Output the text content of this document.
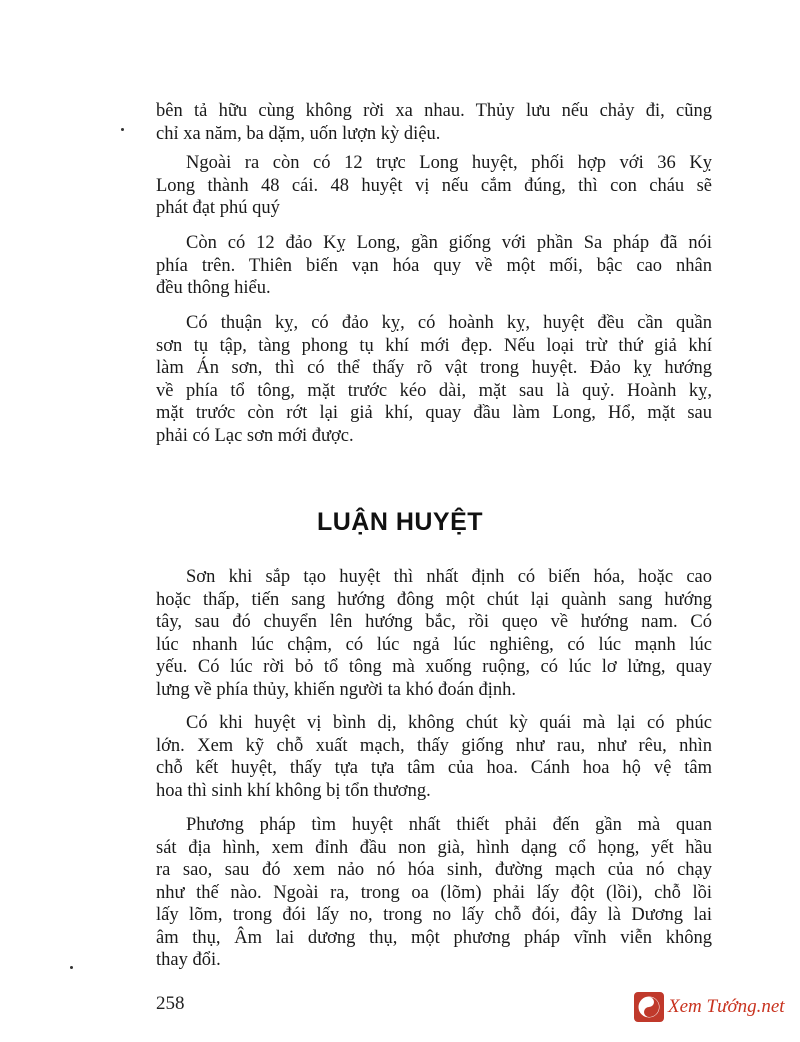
bên tả hữu cùng không rời xa nhau. Thủy lưu nếu chảy đi, cũng
chỉ xa năm, ba dặm, uốn lượn kỳ diệu.
Ngoài ra còn có 12 trực Long huyệt, phối hợp với 36 Kỵ
Long thành 48 cái. 48 huyệt vị nếu cắm đúng, thì con cháu sẽ
phát đạt phú quý
Còn có 12 đảo Kỵ Long, gần giống với phần Sa pháp đã nói
phía trên. Thiên biến vạn hóa quy về một mối, bậc cao nhân
đều thông hiểu.
Có thuận kỵ, có đảo kỵ, có hoành kỵ, huyệt đều cần quần
sơn tụ tập, tàng phong tụ khí mới đẹp. Nếu loại trừ thứ giả khí
làm Án sơn, thì có thể thấy rõ vật trong huyệt. Đảo kỵ hướng
về phía tổ tông, mặt trước kéo dài, mặt sau là quỷ. Hoành kỵ,
mặt trước còn rớt lại giả khí, quay đầu làm Long, Hổ, mặt sau
phải có Lạc sơn mới được.
LUẬN HUYỆT
Sơn khi sắp tạo huyệt thì nhất định có biến hóa, hoặc cao
hoặc thấp, tiến sang hướng đông một chút lại quành sang hướng
tây, sau đó chuyển lên hướng bắc, rồi quẹo về hướng nam. Có
lúc nhanh lúc chậm, có lúc ngả lúc nghiêng, có lúc mạnh lúc
yếu. Có lúc rời bỏ tổ tông mà xuống ruộng, có lúc lơ lửng, quay
lưng về phía thủy, khiến người ta khó đoán định.
Có khi huyệt vị bình dị, không chút kỳ quái mà lại có phúc
lớn. Xem kỹ chỗ xuất mạch, thấy giống như rau, như rêu, nhìn
chỗ kết huyệt, thấy tựa tựa tâm của hoa. Cánh hoa hộ vệ tâm
hoa thì sinh khí không bị tổn thương.
Phương pháp tìm huyệt nhất thiết phải đến gần mà quan
sát địa hình, xem đỉnh đầu non già, hình dạng cổ họng, yết hầu
ra sao, sau đó xem nảo nó hóa sinh, đường mạch của nó chạy
như thế nào. Ngoài ra, trong oa (lõm) phải lấy đột (lồi), chỗ lồi
lấy lõm, trong đói lấy no, trong no lấy chỗ đói, đây là Dương lai
âm thụ, Âm lai dương thụ, một phương pháp vĩnh viễn không
thay đổi.
258	Xem Tướng.net
